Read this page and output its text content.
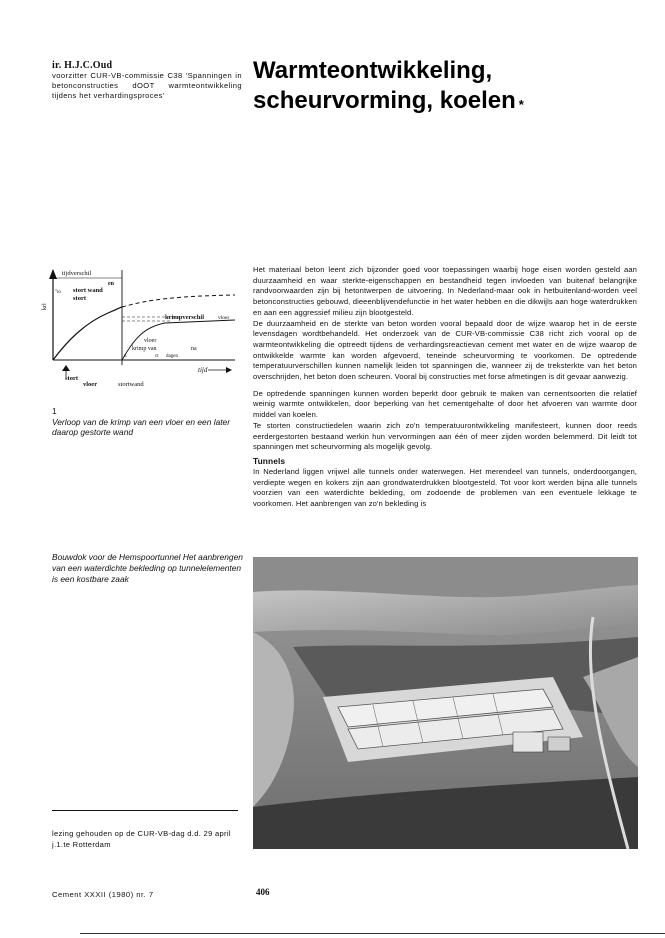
ir. H.J.C.Oud
voorzitter CUR-VB-commissie C38 'Spanningen in betonconstructies dOOT warmteontwikkeling tijdens het verhardingsproces'
Warmteontwikkeling,
scheurvorming, koelen *
tijdverschil
en
stort wand
stort
krimpverschil	vloer
vloer
krimp van	na
ct dagen
u
tijd
stort
vloer	stortwand
krl
"io
1
Verloop van de krimp van een vloer en een later daarop gestorte wand
Bouwdok voor de Hemspoortunnel Het aanbrengen van een waterdichte bekleding op tunnelelementen is een kostbare zaak

Het materiaal beton leent zich bijzonder goed voor toepassingen waarbij hoge eisen worden gesteld aan duurzaamheid en waar sterkte-eigenschappen en bestandheid tegen invloeden van buitenaf belangrijke randvoorwaarden zijn bij hetontwerpen de uitvoering. In Nederland-maar ook in hetbuitenland-worden veel betonconstructies gebouwd, dieeenblijvendefunctie in het water hebben en die dikwijls aan hoge waterdrukken en aan een aggressief milieu zijn blootgesteld.

De duurzaamheid en de sterkte van beton worden vooral bepaald door de wijze waarop het in de eerste levensdagen wordtbehandeld. Het onderzoek van de CUR-VB-commissie C38 richt zich vooral op de warmteontwikkeling die optreedt tijdens de verhardingsreactievan cement met water en de wijze waarop de ontwikkelde warmte kan worden afgevoerd, teneinde scheurvorming te voorkomen. De optredende temperatuurverschillen kunnen namelijk leiden tot spanningen die, wanneer zij de treksterkte van het beton overschrijden, het beton doen scheuren. Vooral bij constructies met forse afmetingen is dit gevaar aanwezig.

De optredende spanningen kunnen worden beperkt door gebruik te maken van cernentsoorten die relatief weinig warmte ontwikkelen, door beperking van het cementgehalte of door het afvoeren van warmte door middel van koelen.

Te storten constructiedelen waarin zich zo'n temperatuurontwikkeling manifesteert, kunnen door reeds eerdergestorten bestaand werkin hun vervormingen aan één of meer zijden worden belemmerd. Dit leidt tot spanningen met scheurvorming als mogelijk gevolg.

Tunnels

In Nederland liggen vrijwel alle tunnels onder waterwegen. Het merendeel van tunnels, onderdoorgangen, verdiepte wegen en kokers zijn aan grondwaterdrukken blootgesteld. Tot voor kort werden bijna alle tunnels voorzien van een waterdichte bekleding, om zodoende de problemen van een eventuele lekkage te voorkomen. Het aanbrengen van zo'n bekleding is

lezing gehouden op de CUR-VB-dag d.d. 29 april j.1.te Rotterdam
Cement XXXII (1980) nr. 7	406
